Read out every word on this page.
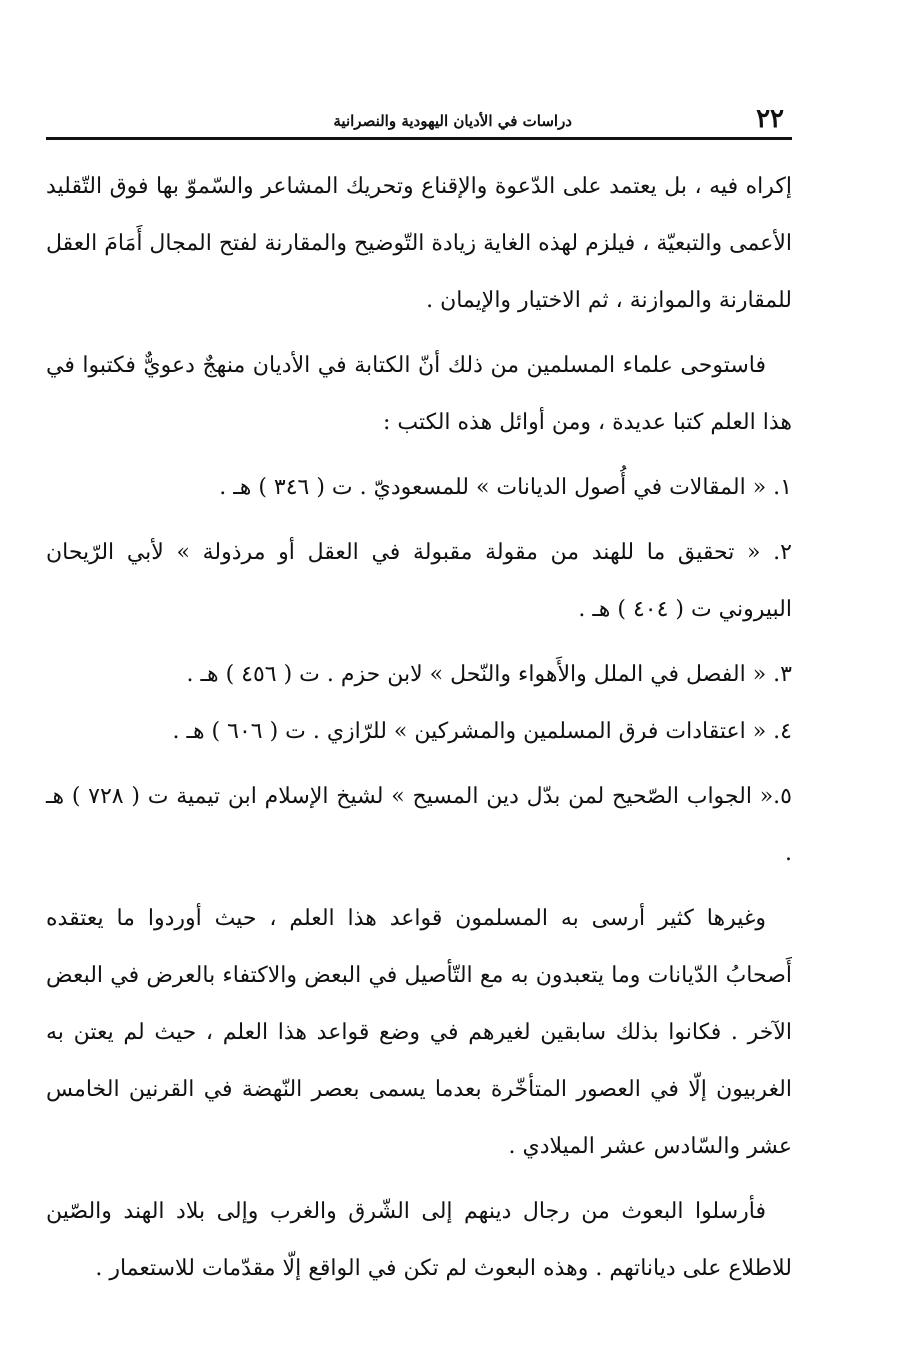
٢٢
دراسات في الأديان اليهودية والنصرانية

إكراه فيه ، بل يعتمد على الدّعوة والإقناع وتحريك المشاعر والسّموّ بها فوق التّقليد الأعمى والتبعيّة ، فيلزم لهذه الغاية زيادة التّوضيح والمقارنة لفتح المجال أَمَامَ العقل للمقارنة والموازنة ، ثم الاختيار والإيمان .

فاستوحى علماء المسلمين من ذلك أنّ الكتابة في الأديان منهجٌ دعويٌّ فكتبوا في هذا العلم كتبا عديدة ، ومن أوائل هذه الكتب :

١. « المقالات في أُصول الديانات » للمسعوديّ . ت ( ٣٤٦ ) هـ .

٢. « تحقيق ما للهند من مقولة مقبولة في العقل أو مرذولة » لأبي الرّيحان البيروني ت ( ٤٠٤ ) هـ .

٣. « الفصل في الملل والأَهواء والنّحل » لابن حزم . ت ( ٤٥٦ ) هـ .

٤. « اعتقادات فرق المسلمين والمشركين » للرّازي . ت ( ٦٠٦ ) هـ .

٥.« الجواب الصّحيح لمن بدّل دين المسيح » لشيخ الإسلام ابن تيمية ت ( ٧٢٨ ) هـ .

وغيرها كثير أرسى به المسلمون قواعد هذا العلم ، حيث أوردوا ما يعتقده أَصحابُ الدّيانات وما يتعبدون به مع التّأصيل في البعض والاكتفاء بالعرض في البعض الآخر . فكانوا بذلك سابقين لغيرهم في وضع قواعد هذا العلم ، حيث لم يعتن به الغربيون إلّا في العصور المتأخّرة بعدما يسمى بعصر النّهضة في القرنين الخامس عشر والسّادس عشر الميلادي .

فأرسلوا البعوث من رجال دينهم إلى الشّرق والغرب وإلى بلاد الهند والصّين للاطلاع على دياناتهم . وهذه البعوث لم تكن في الواقع إلّا مقدّمات للاستعمار .
